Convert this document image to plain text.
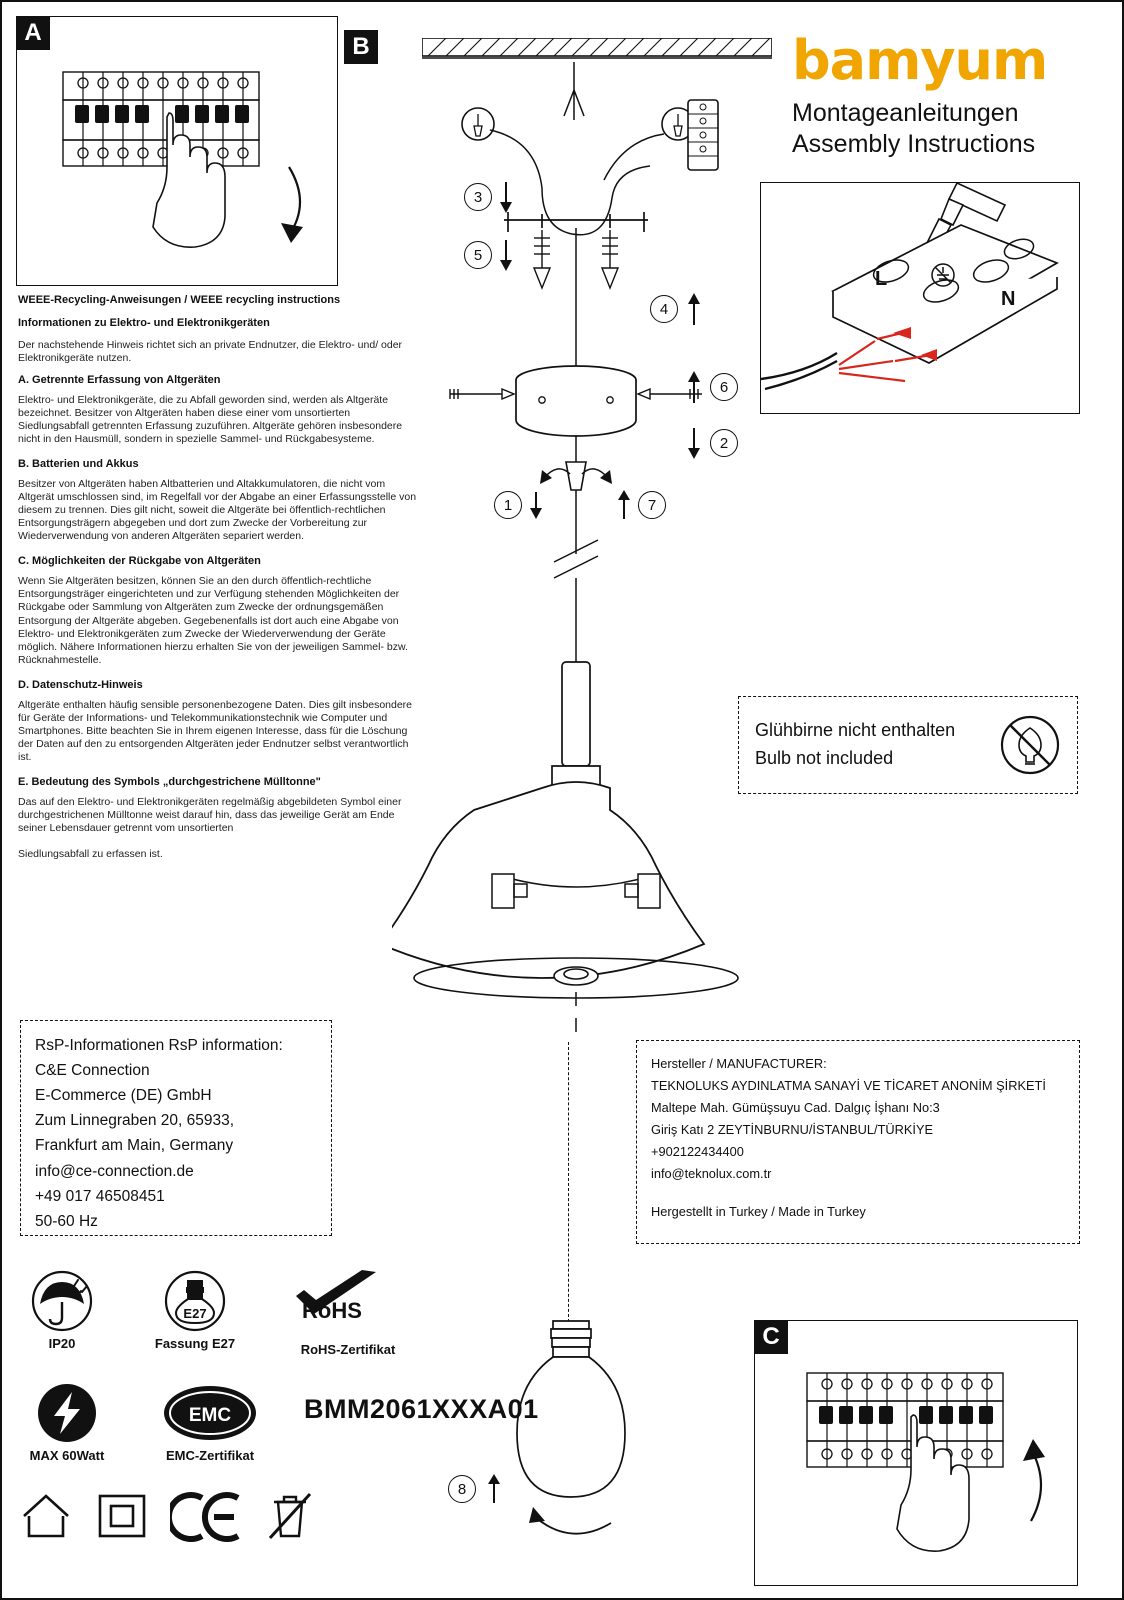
A
B
3
5
4
6
2
1	7
8
bamyum
Montageanleitungen
Assembly Instructions
L
N
WEEE-Recycling-Anweisungen / WEEE recycling instructions
Informationen zu Elektro- und Elektronikgeräten
Der nachstehende Hinweis richtet sich an private Endnutzer, die Elektro- und/ oder Elektronikgeräte nutzen.
A. Getrennte Erfassung von Altgeräten
Elektro- und Elektronikgeräte, die zu Abfall geworden sind, werden als Altgeräte bezeichnet. Besitzer von Altgeräten haben diese einer vom unsortierten Siedlungsabfall getrennten Erfassung zuzuführen. Altgeräte gehören insbesondere nicht in den Hausmüll, sondern in spezielle Sammel- und Rückgabesysteme.
B. Batterien und Akkus
Besitzer von Altgeräten haben Altbatterien und Altakkumulatoren, die nicht vom Altgerät umschlossen sind, im Regelfall vor der Abgabe an einer Erfassungsstelle von diesem zu trennen. Dies gilt nicht, soweit die Altgeräte bei öffentlich-rechtlichen Entsorgungsträgern abgegeben und dort zum Zwecke der Vorbereitung zur Wiederverwendung von anderen Altgeräten separiert werden.
C. Möglichkeiten der Rückgabe von Altgeräten
Wenn Sie Altgeräten besitzen, können Sie an den durch öffentlich-rechtliche Entsorgungsträger eingerichteten und zur Verfügung stehenden Möglichkeiten der Rückgabe oder Sammlung von Altgeräten zum Zwecke der ordnungsgemäßen Entsorgung der Altgeräte abgeben. Gegebenenfalls ist dort auch eine Abgabe von Elektro- und Elektronikgeräten zum Zwecke der Wiederverwendung der Geräte möglich. Nähere Informationen hierzu erhalten Sie von der jeweiligen Sammel- bzw. Rücknahmestelle.
D. Datenschutz-Hinweis
Altgeräte enthalten häufig sensible personenbezogene Daten. Dies gilt insbesondere für Geräte der Informations- und Telekommunikationstechnik wie Computer und Smartphones. Bitte beachten Sie in Ihrem eigenen Interesse, dass für die Löschung der Daten auf den zu entsorgenden Altgeräten jeder Endnutzer selbst verantwortlich ist.
E. Bedeutung des Symbols „durchgestrichene Mülltonne"
Das auf den Elektro- und Elektronikgeräten regelmäßig abgebildeten Symbol einer durchgestrichenen Mülltonne weist darauf hin, dass das jeweilige Gerät am Ende seiner Lebensdauer getrennt vom unsortierten
Siedlungsabfall zu erfassen ist.
Glühbirne nicht enthalten
Bulb not included
RsP-Informationen RsP information:
C&E Connection
E-Commerce (DE) GmbH
Zum Linnegraben 20, 65933,
Frankfurt am Main, Germany
info@ce-connection.de
+49 017 46508451
50-60 Hz
Hersteller / MANUFACTURER:
TEKNOLUKS AYDINLATMA SANAYİ VE TİCARET ANONİM ŞİRKETİ
Maltepe Mah. Gümüşsuyu Cad. Dalgıç İşhanı No:3
Giriş Katı 2 ZEYTİNBURNU/İSTANBUL/TÜRKİYE
+902122434400
info@teknolux.com.tr
Hergestellt in Turkey / Made in Turkey
IP20
E27
Fassung E27
RoHS
RoHS-Zertifikat
MAX 60Watt
EMC
EMC-Zertifikat
BMM2061XXXA01
C
